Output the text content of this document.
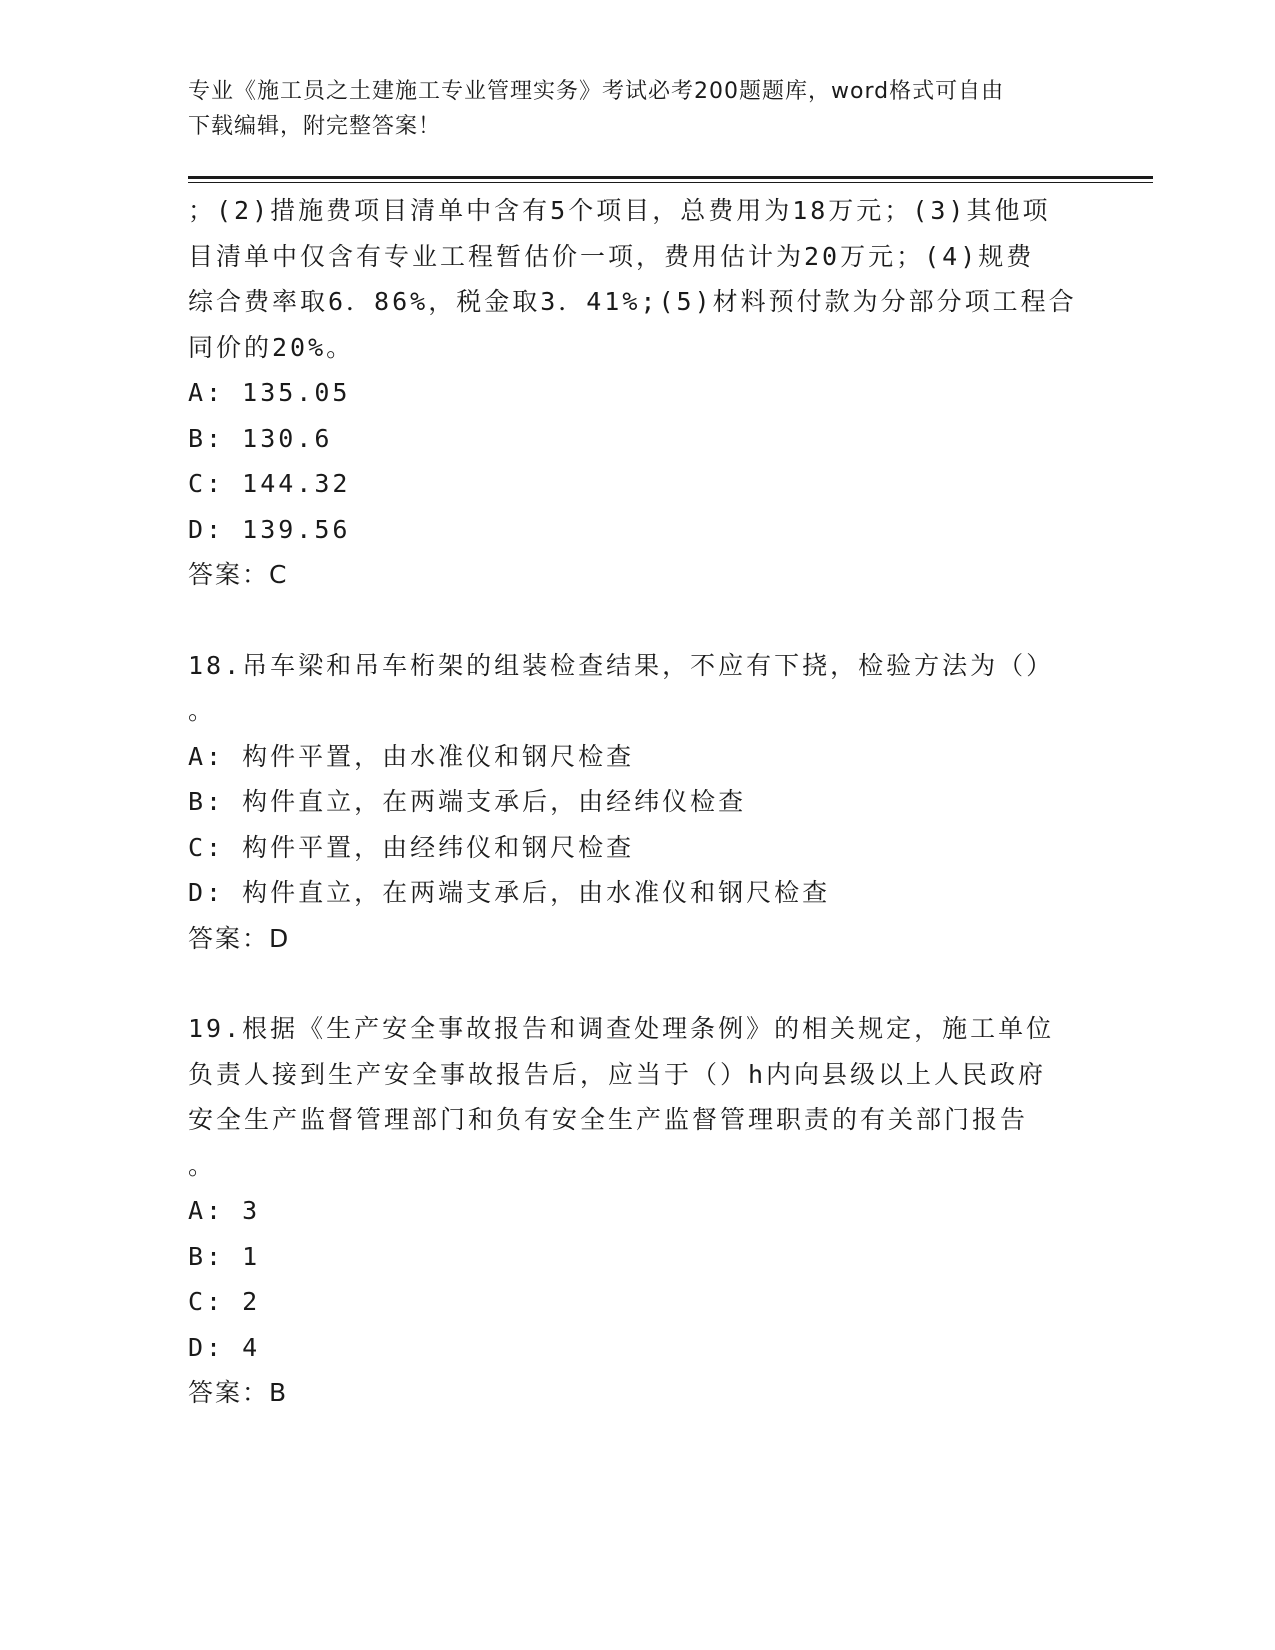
专业《施工员之土建施工专业管理实务》考试必考200题题库，word格式可自由
下载编辑，附完整答案！
；(2)措施费项目清单中含有5个项目，总费用为18万元；(3)其他项
目清单中仅含有专业工程暂估价一项，费用估计为20万元；(4)规费
综合费率取6．86%，税金取3．41%;(5)材料预付款为分部分项工程合
同价的20%。
A: 135.05
B: 130.6
C: 144.32
D: 139.56
答案：C
18.吊车梁和吊车桁架的组装检查结果，不应有下挠，检验方法为（）
。
A: 构件平置，由水准仪和钢尺检查
B: 构件直立，在两端支承后，由经纬仪检查
C: 构件平置，由经纬仪和钢尺检查
D: 构件直立，在两端支承后，由水准仪和钢尺检查
答案：D
19.根据《生产安全事故报告和调查处理条例》的相关规定，施工单位
负责人接到生产安全事故报告后，应当于（）h内向县级以上人民政府
安全生产监督管理部门和负有安全生产监督管理职责的有关部门报告
。
A: 3
B: 1
C: 2
D: 4
答案：B
